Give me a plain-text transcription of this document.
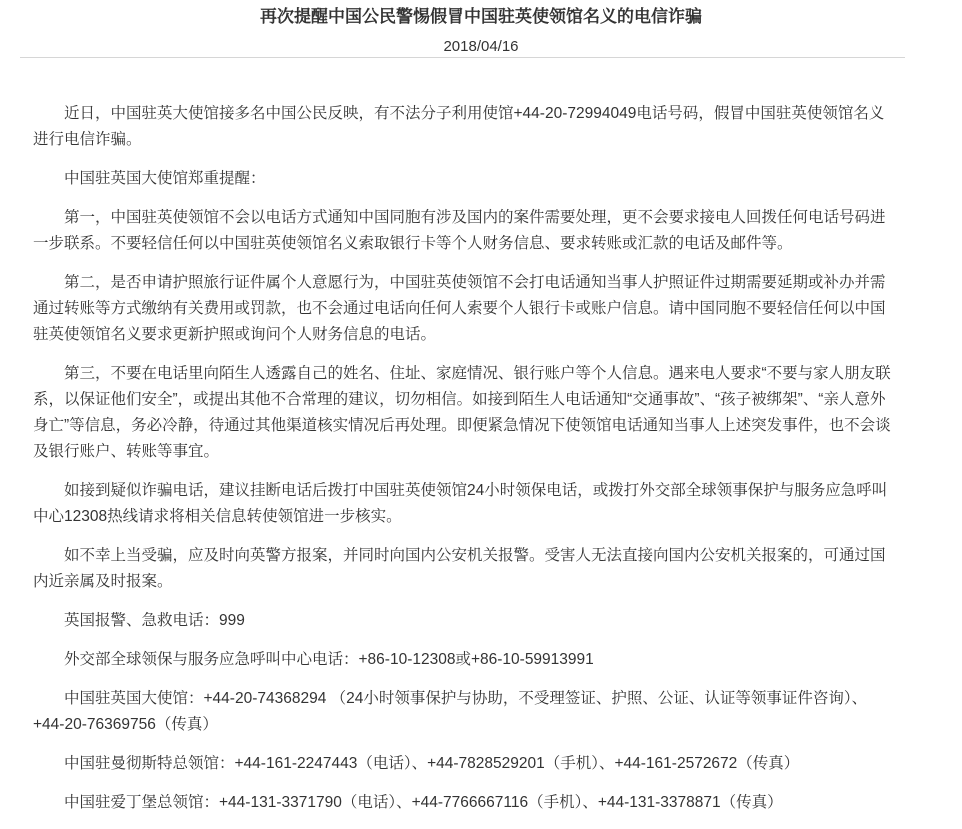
再次提醒中国公民警惕假冒中国驻英使领馆名义的电信诈骗
2018/04/16

近日，中国驻英大使馆接多名中国公民反映，有不法分子利用使馆+44-20-72994049电话号码，假冒中国驻英使领馆名义进行电信诈骗。

中国驻英国大使馆郑重提醒：

第一，中国驻英使领馆不会以电话方式通知中国同胞有涉及国内的案件需要处理，更不会要求接电人回拨任何电话号码进一步联系。不要轻信任何以中国驻英使领馆名义索取银行卡等个人财务信息、要求转账或汇款的电话及邮件等。

第二，是否申请护照旅行证件属个人意愿行为，中国驻英使领馆不会打电话通知当事人护照证件过期需要延期或补办并需通过转账等方式缴纳有关费用或罚款，也不会通过电话向任何人索要个人银行卡或账户信息。请中国同胞不要轻信任何以中国驻英使领馆名义要求更新护照或询问个人财务信息的电话。

第三，不要在电话里向陌生人透露自己的姓名、住址、家庭情况、银行账户等个人信息。遇来电人要求“不要与家人朋友联系，以保证他们安全”，或提出其他不合常理的建议，切勿相信。如接到陌生人电话通知“交通事故”、“孩子被绑架”、“亲人意外身亡”等信息，务必冷静，待通过其他渠道核实情况后再处理。即便紧急情况下使领馆电话通知当事人上述突发事件，也不会谈及银行账户、转账等事宜。

如接到疑似诈骗电话，建议挂断电话后拨打中国驻英使领馆24小时领保电话，或拨打外交部全球领事保护与服务应急呼叫中心12308热线请求将相关信息转使领馆进一步核实。

如不幸上当受骗，应及时向英警方报案，并同时向国内公安机关报警。受害人无法直接向国内公安机关报案的，可通过国内近亲属及时报案。

英国报警、急救电话：999

外交部全球领保与服务应急呼叫中心电话：+86-10-12308或+86-10-59913991

中国驻英国大使馆：+44-20-74368294 （24小时领事保护与协助，不受理签证、护照、公证、认证等领事证件咨询）、+44-20-76369756（传真）

中国驻曼彻斯特总领馆：+44-161-2247443（电话）、+44-7828529201（手机）、+44-161-2572672（传真）

中国驻爱丁堡总领馆：+44-131-3371790（电话）、+44-7766667116（手机）、+44-131-3378871（传真）
